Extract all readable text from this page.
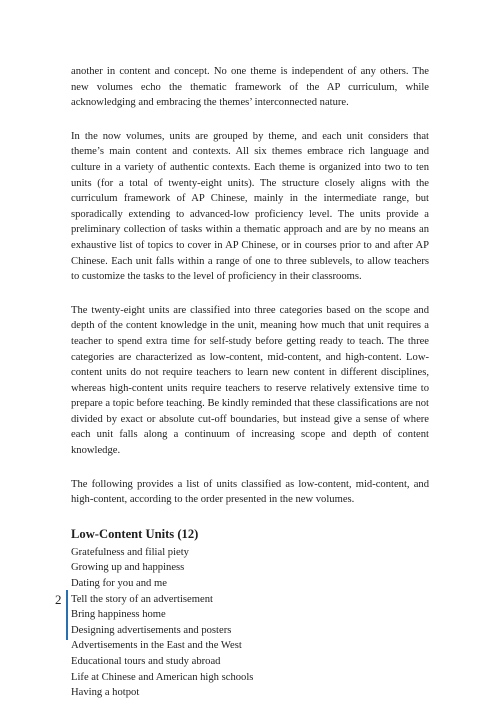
another in content and concept. No one theme is independent of any others. The new volumes echo the thematic framework of the AP curriculum, while acknowledging and embracing the themes’ interconnected nature.

In the now volumes, units are grouped by theme, and each unit considers that theme’s main content and contexts. All six themes embrace rich language and culture in a variety of authentic contexts. Each theme is organized into two to ten units (for a total of twenty-eight units). The structure closely aligns with the curriculum framework of AP Chinese, mainly in the intermediate range, but sporadically extending to advanced-low proficiency level. The units provide a preliminary collection of tasks within a thematic approach and are by no means an exhaustive list of topics to cover in AP Chinese, or in courses prior to and after AP Chinese. Each unit falls within a range of one to three sublevels, to allow teachers to customize the tasks to the level of proficiency in their classrooms.

The twenty-eight units are classified into three categories based on the scope and depth of the content knowledge in the unit, meaning how much that unit requires a teacher to spend extra time for self-study before getting ready to teach. The three categories are characterized as low-content, mid-content, and high-content. Low-content units do not require teachers to learn new content in different disciplines, whereas high-content units require teachers to reserve relatively extensive time to prepare a topic before teaching. Be kindly reminded that these classifications are not divided by exact or absolute cut-off boundaries, but instead give a sense of where each unit falls along a continuum of increasing scope and depth of content knowledge.

The following provides a list of units classified as low-content, mid-content, and high-content, according to the order presented in the new volumes.

Low-Content Units (12)
Gratefulness and filial piety
Growing up and happiness
Dating for you and me
Tell the story of an advertisement
Bring happiness home
Designing advertisements and posters
Advertisements in the East and the West
Educational tours and study abroad
Life at Chinese and American high schools
Having a hotpot
2
